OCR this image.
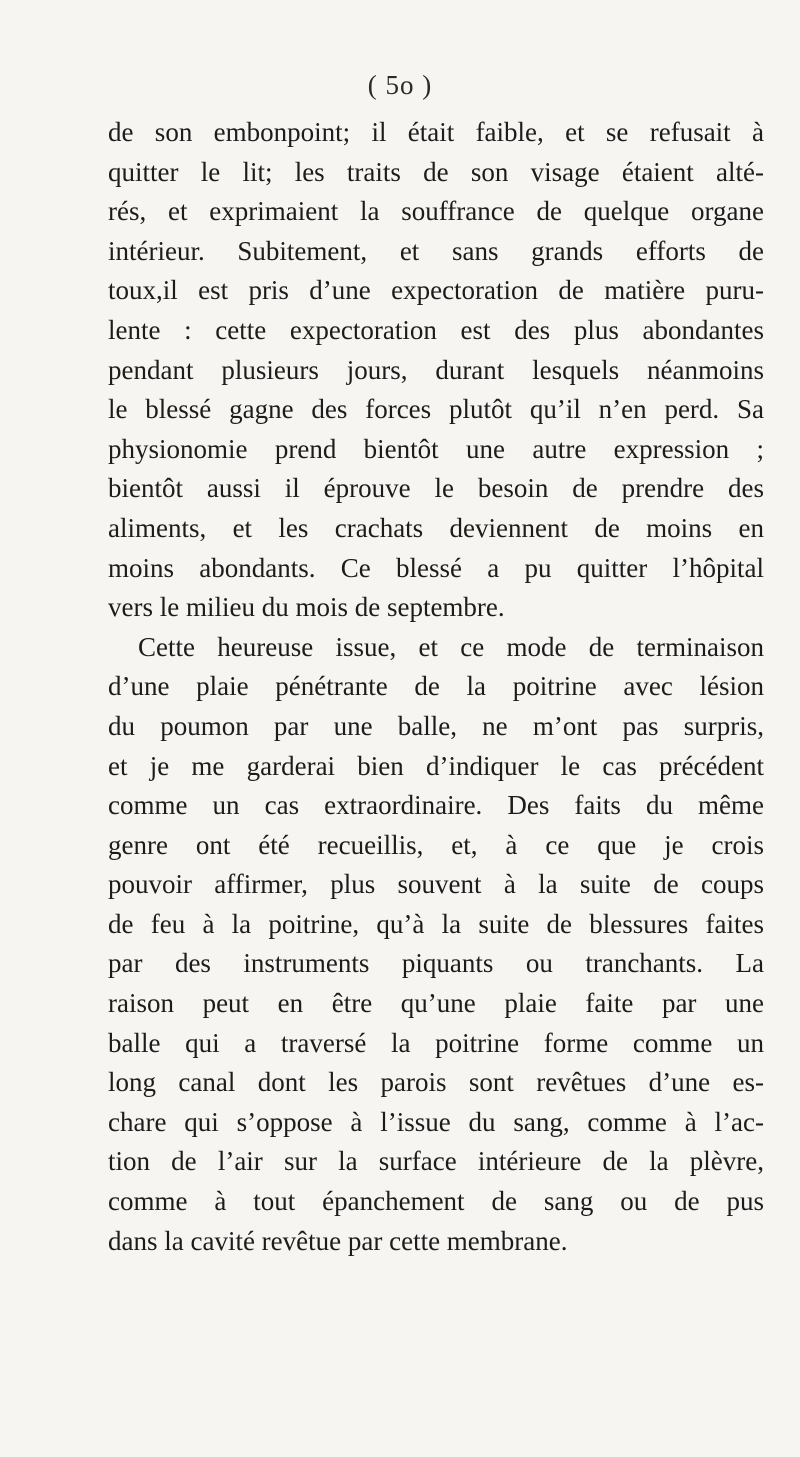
( 5o )
de son embonpoint; il était faible, et se refusait à
quitter le lit; les traits de son visage étaient alté-
rés, et exprimaient la souffrance de quelque organe
intérieur. Subitement, et sans grands efforts de
toux,il est pris d’une expectoration de matière puru-
lente : cette expectoration est des plus abondantes
pendant plusieurs jours, durant lesquels néanmoins
le blessé gagne des forces plutôt qu’il n’en perd. Sa
physionomie prend bientôt une autre expression ;
bientôt aussi il éprouve le besoin de prendre des
aliments, et les crachats deviennent de moins en
moins abondants. Ce blessé a pu quitter l’hôpital
vers le milieu du mois de septembre.
Cette heureuse issue, et ce mode de terminaison
d’une plaie pénétrante de la poitrine avec lésion
du poumon par une balle, ne m’ont pas surpris,
et je me garderai bien d’indiquer le cas précédent
comme un cas extraordinaire. Des faits du même
genre ont été recueillis, et, à ce que je crois
pouvoir affirmer, plus souvent à la suite de coups
de feu à la poitrine, qu’à la suite de blessures faites
par des instruments piquants ou tranchants. La
raison peut en être qu’une plaie faite par une
balle qui a traversé la poitrine forme comme un
long canal dont les parois sont revêtues d’une es-
chare qui s’oppose à l’issue du sang, comme à l’ac-
tion de l’air sur la surface intérieure de la plèvre,
comme à tout épanchement de sang ou de pus
dans la cavité revêtue par cette membrane.
